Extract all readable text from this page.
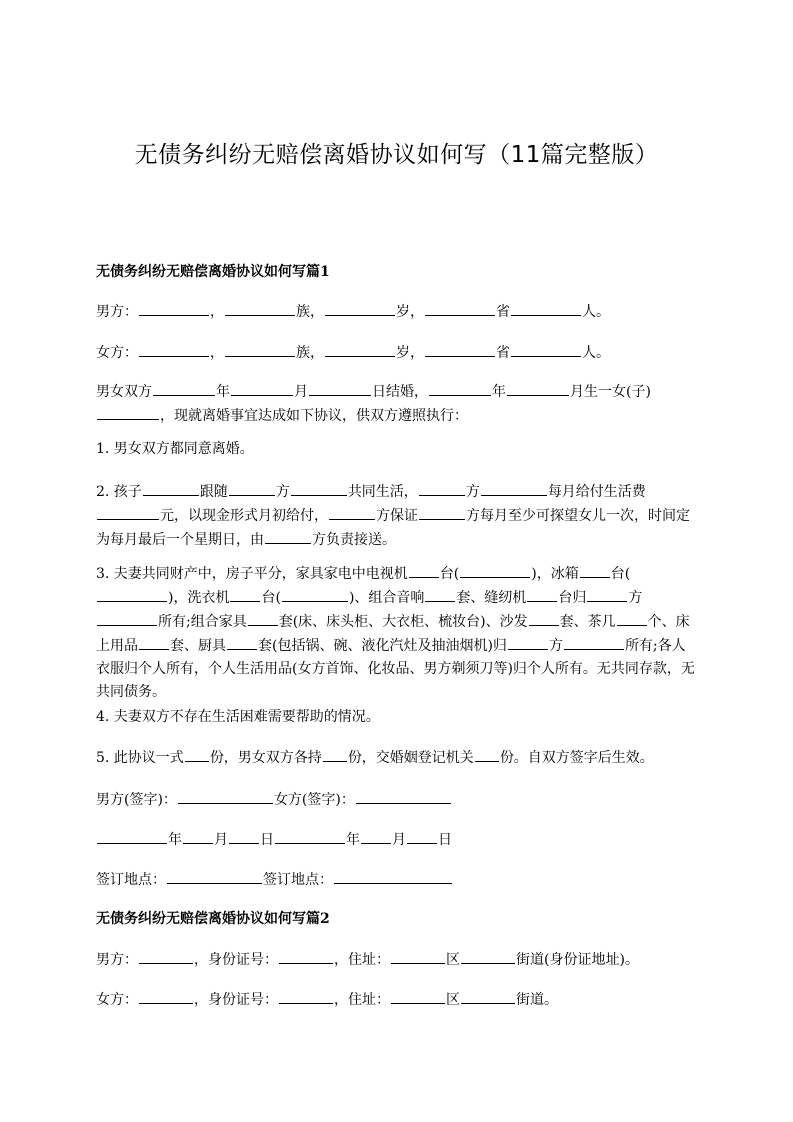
无债务纠纷无赔偿离婚协议如何写（11篇完整版）
无债务纠纷无赔偿离婚协议如何写篇1
男方：	，	族，	岁，	省	人。
女方：	，	族，	岁，	省	人。
男女双方	年	月	日结婚，	年	月生一女(子)，现就离婚事宜达成如下协议，供双方遵照执行：
1. 男女双方都同意离婚。
2. 孩子	跟随	方	共同生活，	方	每月给付生活费元，以现金形式月初给付，	方保证	方每月至少可探望女儿一次，时间定为每月最后一个星期日，由	方负责接送。
3. 夫妻共同财产中，房子平分，家具家电中电视机 台(	)，冰箱 台()，洗衣机 台(	)、组合音响 套、缝纫机 台归	方所有;组合家具 套(床、床头柜、大衣柜、梳妆台)、沙发 套、茶几 个、床上用品 套、厨具 套(包括锅、碗、液化汽灶及抽油烟机)归	方	所有;各人衣服归个人所有，个人生活用品(女方首饰、化妆品、男方剃须刀等)归个人所有。无共同存款，无共同债务。
4. 夫妻双方不存在生活困难需要帮助的情况。
5. 此协议一式 份，男女双方各持 份，交婚姻登记机关 份。自双方签字后生效。
男方(签字)：	女方(签字)：
年 月 日	年 月 日
签订地点：	签订地点：
无债务纠纷无赔偿离婚协议如何写篇2
男方：	，身份证号：	，住址：	区	街道(身份证地址)。
女方：	，身份证号：	，住址：	区	街道。
